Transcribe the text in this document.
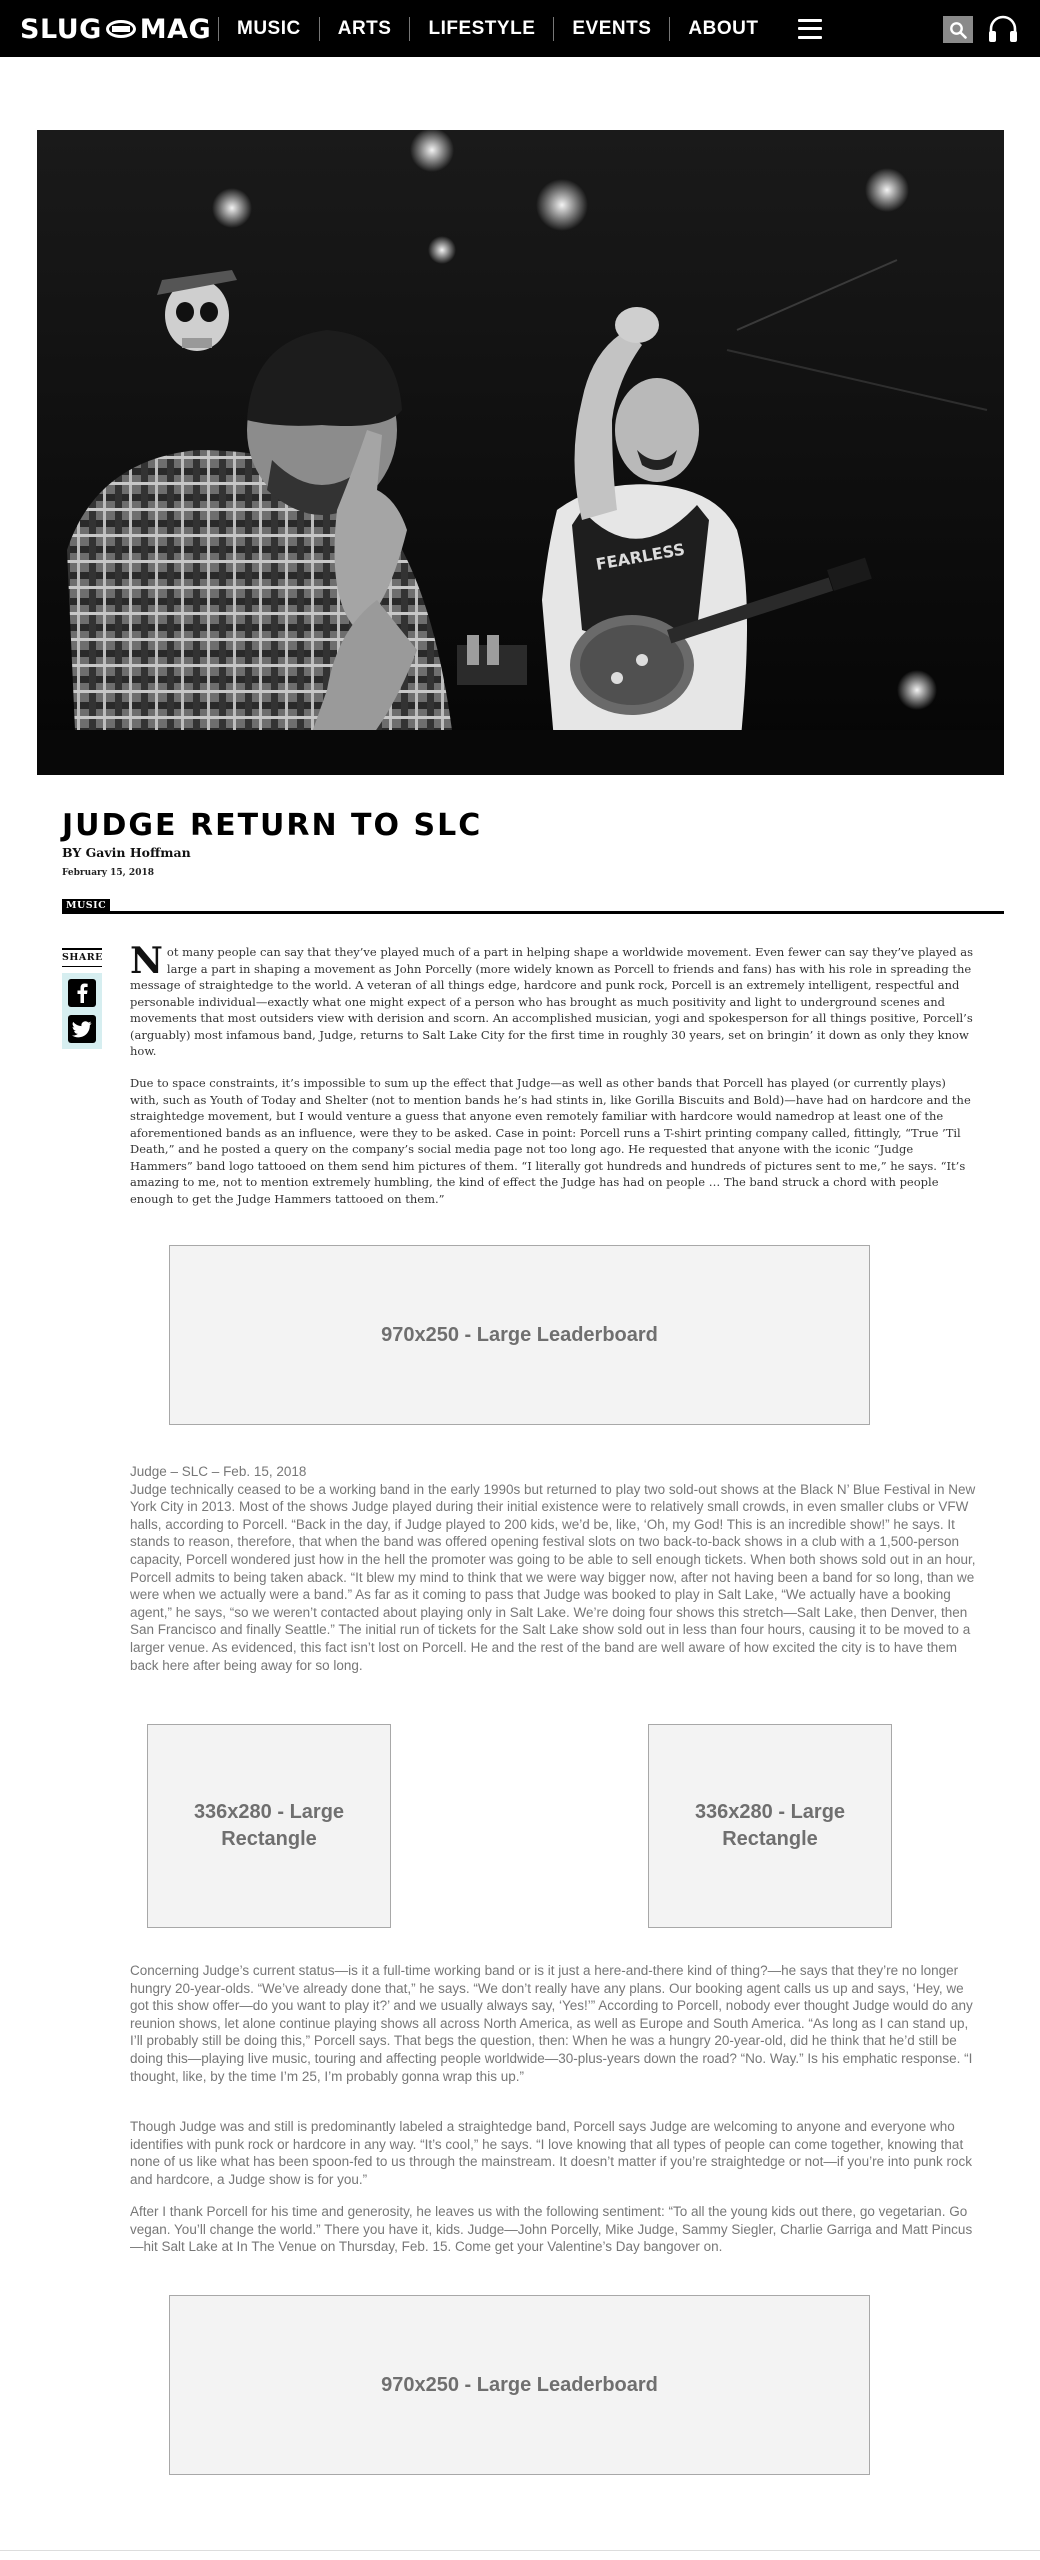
SLUG MAG	MUSIC	ARTS	LIFESTYLE	EVENTS	ABOUT
FEARLESS
JUDGE RETURN TO SLC
BY Gavin Hoffman
February 15, 2018
MUSIC
SHARE Not many people can say that they’ve played much of a part in helping shape a worldwide movement. Even fewer can say they’ve played as large a part in shaping a movement as John Porcelly (more widely known as Porcell to friends and fans) has with his role in spreading the message of straightedge to the world. A veteran of all things edge, hardcore and punk rock, Porcell is an extremely intelligent, respectful and personable individual—exactly what one might expect of a person who has brought as much positivity and light to underground scenes and movements that most outsiders view with derision and scorn. An accomplished musician, yogi and spokesperson for all things positive, Porcell’s (arguably) most infamous band, Judge, returns to Salt Lake City for the first time in roughly 30 years, set on bringin’ it down as only they know how.
Due to space constraints, it’s impossible to sum up the effect that Judge—as well as other bands that Porcell has played (or currently plays) with, such as Youth of Today and Shelter (not to mention bands he’s had stints in, like Gorilla Biscuits and Bold)—have had on hardcore and the straightedge movement, but I would venture a guess that anyone even remotely familiar with hardcore would namedrop at least one of the aforementioned bands as an influence, were they to be asked. Case in point: Porcell runs a T-shirt printing company called, fittingly, “True ’Til Death,” and he posted a query on the company’s social media page not too long ago. He requested that anyone with the iconic “Judge Hammers” band logo tattooed on them send him pictures of them. “I literally got hundreds and hundreds of pictures sent to me,” he says. “It’s amazing to me, not to mention extremely humbling, the kind of effect the Judge has had on people … The band struck a chord with people enough to get the Judge Hammers tattooed on them.”
970x250 - Large Leaderboard
Judge – SLC – Feb. 15, 2018
Judge technically ceased to be a working band in the early 1990s but returned to play two sold-out shows at the Black N’ Blue Festival in New York City in 2013. Most of the shows Judge played during their initial existence were to relatively small crowds, in even smaller clubs or VFW halls, according to Porcell. “Back in the day, if Judge played to 200 kids, we’d be, like, ‘Oh, my God! This is an incredible show!” he says. It stands to reason, therefore, that when the band was offered opening festival slots on two back-to-back shows in a club with a 1,500-person capacity, Porcell wondered just how in the hell the promoter was going to be able to sell enough tickets. When both shows sold out in an hour, Porcell admits to being taken aback. “It blew my mind to think that we were way bigger now, after not having been a band for so long, than we were when we actually were a band.” As far as it coming to pass that Judge was booked to play in Salt Lake, “We actually have a booking agent,” he says, “so we weren’t contacted about playing only in Salt Lake. We’re doing four shows this stretch—Salt Lake, then Denver, then San Francisco and finally Seattle.” The initial run of tickets for the Salt Lake show sold out in less than four hours, causing it to be moved to a larger venue. As evidenced, this fact isn’t lost on Porcell. He and the rest of the band are well aware of how excited the city is to have them back here after being away for so long.
336x280 - Large Rectangle
336x280 - Large Rectangle
Concerning Judge’s current status—is it a full-time working band or is it just a here-and-there kind of thing?—he says that they’re no longer hungry 20-year-olds. “We’ve already done that,” he says. “We don’t really have any plans. Our booking agent calls us up and says, ‘Hey, we got this show offer—do you want to play it?’ and we usually always say, ‘Yes!’” According to Porcell, nobody ever thought Judge would do any reunion shows, let alone continue playing shows all across North America, as well as Europe and South America. “As long as I can stand up, I’ll probably still be doing this,” Porcell says. That begs the question, then: When he was a hungry 20-year-old, did he think that he’d still be doing this—playing live music, touring and affecting people worldwide—30-plus-years down the road? “No. Way.” Is his emphatic response. “I thought, like, by the time I’m 25, I’m probably gonna wrap this up.”
Though Judge was and still is predominantly labeled a straightedge band, Porcell says Judge are welcoming to anyone and everyone who identifies with punk rock or hardcore in any way. “It’s cool,” he says. “I love knowing that all types of people can come together, knowing that none of us like what has been spoon-fed to us through the mainstream. It doesn’t matter if you’re straightedge or not—if you’re into punk rock and hardcore, a Judge show is for you.”
After I thank Porcell for his time and generosity, he leaves us with the following sentiment: “To all the young kids out there, go vegetarian. Go vegan. You’ll change the world.” There you have it, kids. Judge—John Porcelly, Mike Judge, Sammy Siegler, Charlie Garriga and Matt Pincus—hit Salt Lake at In The Venue on Thursday, Feb. 15. Come get your Valentine’s Day bangover on.
970x250 - Large Leaderboard
